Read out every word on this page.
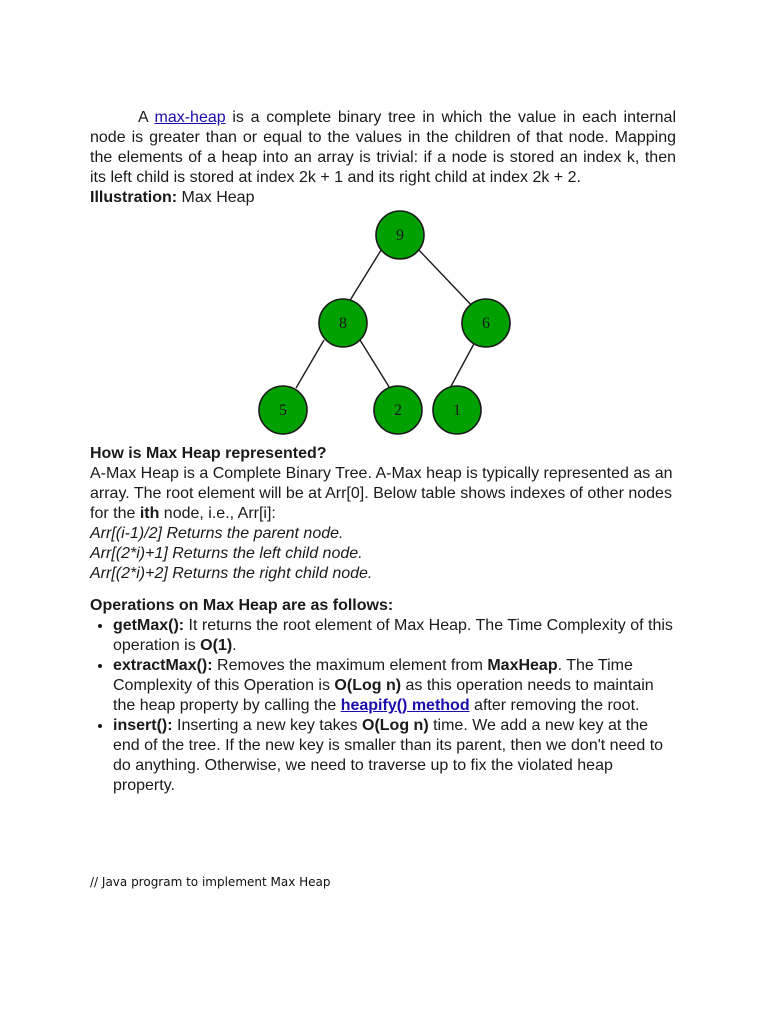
A max-heap is a complete binary tree in which the value in each internal node is greater than or equal to the values in the children of that node. Mapping the elements of a heap into an array is trivial: if a node is stored an index k, then its left child is stored at index 2k + 1 and its right child at index 2k + 2.

Illustration: Max Heap

9
8	6
5	2	1

How is Max Heap represented?

A-Max Heap is a Complete Binary Tree. A-Max heap is typically represented as an array. The root element will be at Arr[0]. Below table shows indexes of other nodes for the ith node, i.e., Arr[i]:

Arr[(i-1)/2] Returns the parent node.

Arr[(2*i)+1] Returns the left child node.

Arr[(2*i)+2] Returns the right child node.

Operations on Max Heap are as follows:

• getMax(): It returns the root element of Max Heap. The Time Complexity of this operation is O(1).
• extractMax(): Removes the maximum element from MaxHeap. The Time Complexity of this Operation is O(Log n) as this operation needs to maintain the heap property by calling the heapify() method after removing the root.
• insert(): Inserting a new key takes O(Log n) time. We add a new key at the end of the tree. If the new key is smaller than its parent, then we don't need to do anything. Otherwise, we need to traverse up to fix the violated heap property.
// Java program to implement Max Heap
